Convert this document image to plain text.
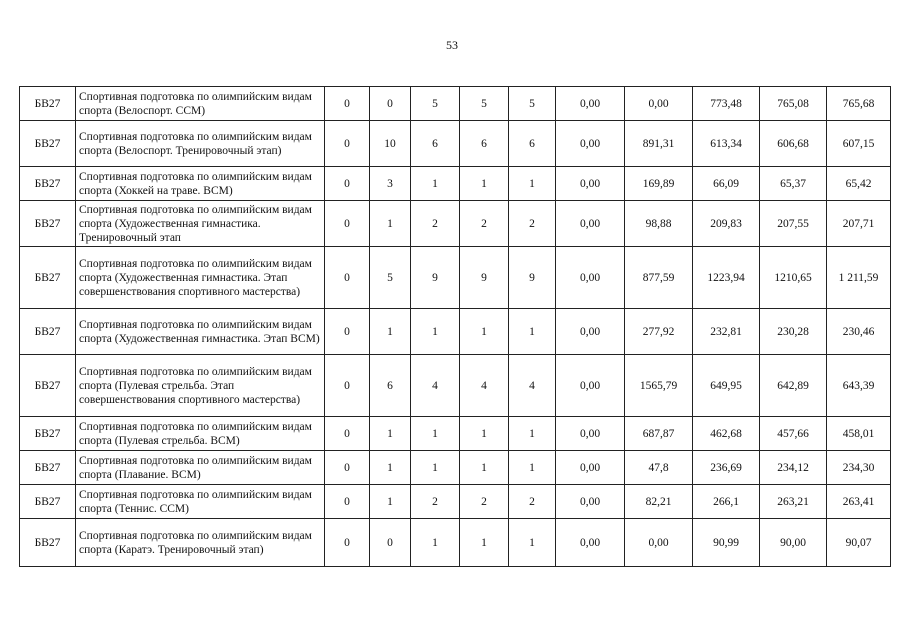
53
БВ27	Спортивная подготовка по олимпийским видам спорта (Велоспорт. ССМ)	0	0	5	5	5	0,00	0,00	773,48	765,08	765,68
БВ27	Спортивная подготовка по олимпийским видам спорта (Велоспорт. Тренировочный этап)	0	10	6	6	6	0,00	891,31	613,34	606,68	607,15
БВ27	Спортивная подготовка по олимпийским видам спорта (Хоккей на траве. ВСМ)	0	3	1	1	1	0,00	169,89	66,09	65,37	65,42
БВ27	Спортивная подготовка по олимпийским видам спорта (Художественная гимнастика. Тренировочный этап	0	1	2	2	2	0,00	98,88	209,83	207,55	207,71
БВ27	Спортивная подготовка по олимпийским видам спорта (Художественная гимнастика. Этап совершенствования спортивного мастерства)	0	5	9	9	9	0,00	877,59	1223,94	1210,65	1 211,59
БВ27	Спортивная подготовка по олимпийским видам спорта (Художественная гимнастика. Этап ВСМ)	0	1	1	1	1	0,00	277,92	232,81	230,28	230,46
БВ27	Спортивная подготовка по олимпийским видам спорта (Пулевая стрельба. Этап совершенствования спортивного мастерства)	0	6	4	4	4	0,00	1565,79	649,95	642,89	643,39
БВ27	Спортивная подготовка по олимпийским видам спорта (Пулевая стрельба. ВСМ)	0	1	1	1	1	0,00	687,87	462,68	457,66	458,01
БВ27	Спортивная подготовка по олимпийским видам спорта (Плавание. ВСМ)	0	1	1	1	1	0,00	47,8	236,69	234,12	234,30
БВ27	Спортивная подготовка по олимпийским видам спорта (Теннис. ССМ)	0	1	2	2	2	0,00	82,21	266,1	263,21	263,41
БВ27	Спортивная подготовка по олимпийским видам спорта (Каратэ. Тренировочный этап)	0	0	1	1	1	0,00	0,00	90,99	90,00	90,07
